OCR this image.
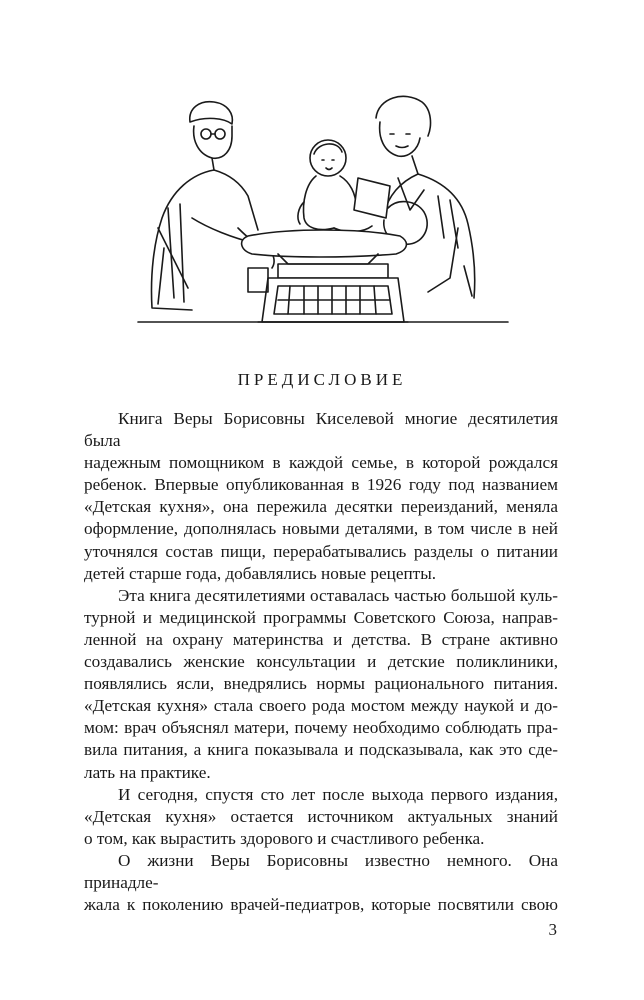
ПРЕДИСЛОВИЕ
Книга Веры Борисовны Киселевой многие десятилетия была
надежным помощником в каждой семье, в которой рождался
ребенок. Впервые опубликованная в 1926 году под названием
«Детская кухня», она пережила десятки переизданий, меняла
оформление, дополнялась новыми деталями, в том числе в ней
уточнялся состав пищи, перерабатывались разделы о питании
детей старше года, добавлялись новые рецепты.
Эта книга десятилетиями оставалась частью большой куль-
турной и медицинской программы Советского Союза, направ-
ленной на охрану материнства и детства. В стране активно
создавались женские консультации и детские поликлиники,
появлялись ясли, внедрялись нормы рационального питания.
«Детская кухня» стала своего рода мостом между наукой и до-
мом: врач объяснял матери, почему необходимо соблюдать пра-
вила питания, а книга показывала и подсказывала, как это сде-
лать на практике.
И сегодня, спустя сто лет после выхода первого издания,
«Детская кухня» остается источником актуальных знаний
о том, как вырастить здорового и счастливого ребенка.
О жизни Веры Борисовны известно немного. Она принадле-
жала к поколению врачей-педиатров, которые посвятили свою
3
